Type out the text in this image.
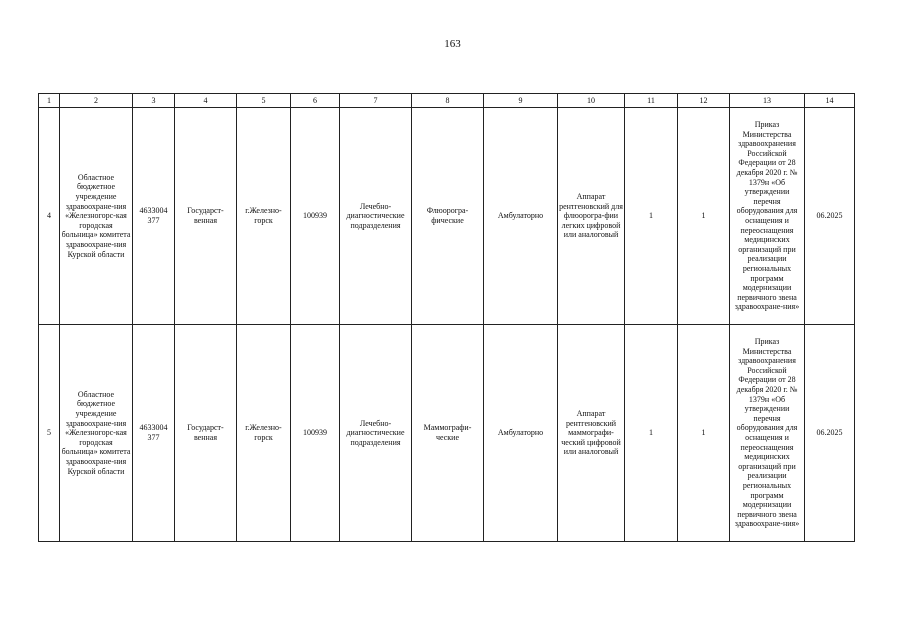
163
1	2	3	4	5	6	7	8	9	10	11	12	13	14
4	Областное бюджетное учреждение здравоохране-ния «Железногорс-кая городская больница» комитета здравоохране-ния Курской области	4633004 377	Государст-венная	г.Железно-горск	100939	Лечебно-диагностические подразделения	Флюорогра-фические	Амбулаторно	Аппарат рентгеновский для флюорогра-фии легких цифровой или аналоговый	1	1	Приказ Министерства здравоохранения Российской Федерации от 28 декабря 2020 г. № 1379н «Об утверждении перечня оборудования для оснащения и переоснащения медицинских организаций при реализации региональных программ модернизации первичного звена здравоохране-ния»	06.2025
5	Областное бюджетное учреждение здравоохране-ния «Железногорс-кая городская больница» комитета здравоохране-ния Курской области	4633004 377	Государст-венная	г.Железно-горск	100939	Лечебно-диагностические подразделения	Маммографи-ческие	Амбулаторно	Аппарат рентгеновский маммографи-ческий цифровой или аналоговый	1	1	Приказ Министерства здравоохранения Российской Федерации от 28 декабря 2020 г. № 1379н «Об утверждении перечня оборудования для оснащения и переоснащения медицинских организаций при реализации региональных программ модернизации первичного звена здравоохране-ния»	06.2025
